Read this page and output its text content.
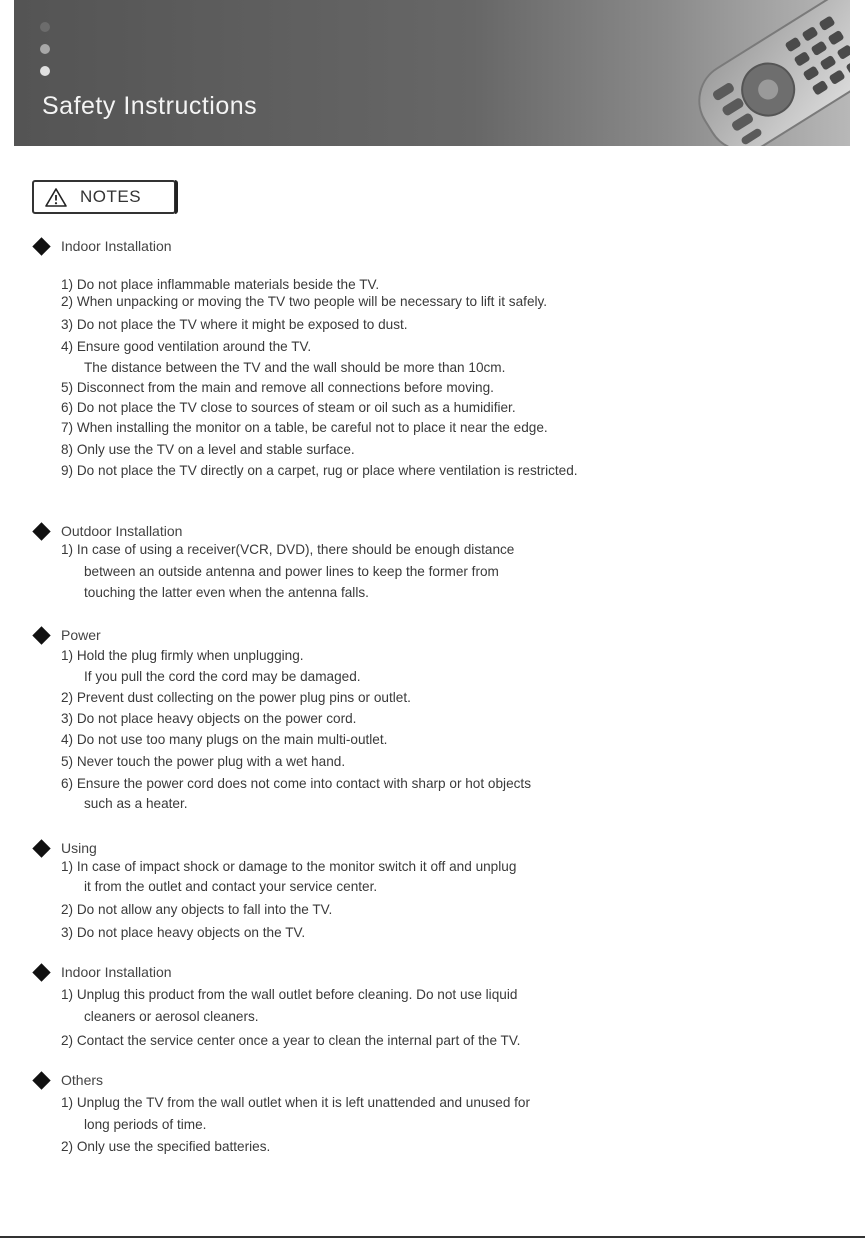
Safety Instructions
NOTES
Indoor Installation
1) Do not place inflammable materials beside the TV.
2) When unpacking or moving the TV two people will be necessary to lift it safely.
3) Do not place the TV where it might be exposed to dust.
4) Ensure good ventilation around the TV.
The distance between the TV and the wall should be more than 10cm.
5) Disconnect from the main and remove all connections before moving.
6) Do not place the TV close to sources of steam or oil such as a humidifier.
7) When installing the monitor on a table, be careful not to place it near the edge.
8) Only use the TV on a level and stable surface.
9) Do not place the TV directly on a carpet, rug or place where ventilation is restricted.
Outdoor Installation
1) In case of using a receiver(VCR, DVD), there should be enough distance
between an outside antenna and power lines to keep the former from
touching the latter even when the antenna falls.
Power
1) Hold the plug firmly when unplugging.
If you pull the cord the cord may be damaged.
2) Prevent dust collecting on the power plug pins or outlet.
3) Do not place heavy objects on the power cord.
4) Do not use too many plugs on the main multi-outlet.
5) Never touch the power plug with a wet hand.
6) Ensure the power cord does not come into contact with sharp or hot objects
such as a heater.
Using
1) In case of impact shock or damage to the monitor switch it off and unplug
it from the outlet and contact your service center.
2) Do not allow any objects to fall into the TV.
3) Do not place heavy objects on the TV.
Indoor Installation
1) Unplug this product from the wall outlet before cleaning. Do not use liquid
cleaners or aerosol cleaners.
2) Contact the service center once a year to clean the internal part of the TV.
Others
1) Unplug the TV from the wall outlet when it is left unattended and unused for
long periods of time.
2) Only use the specified batteries.
